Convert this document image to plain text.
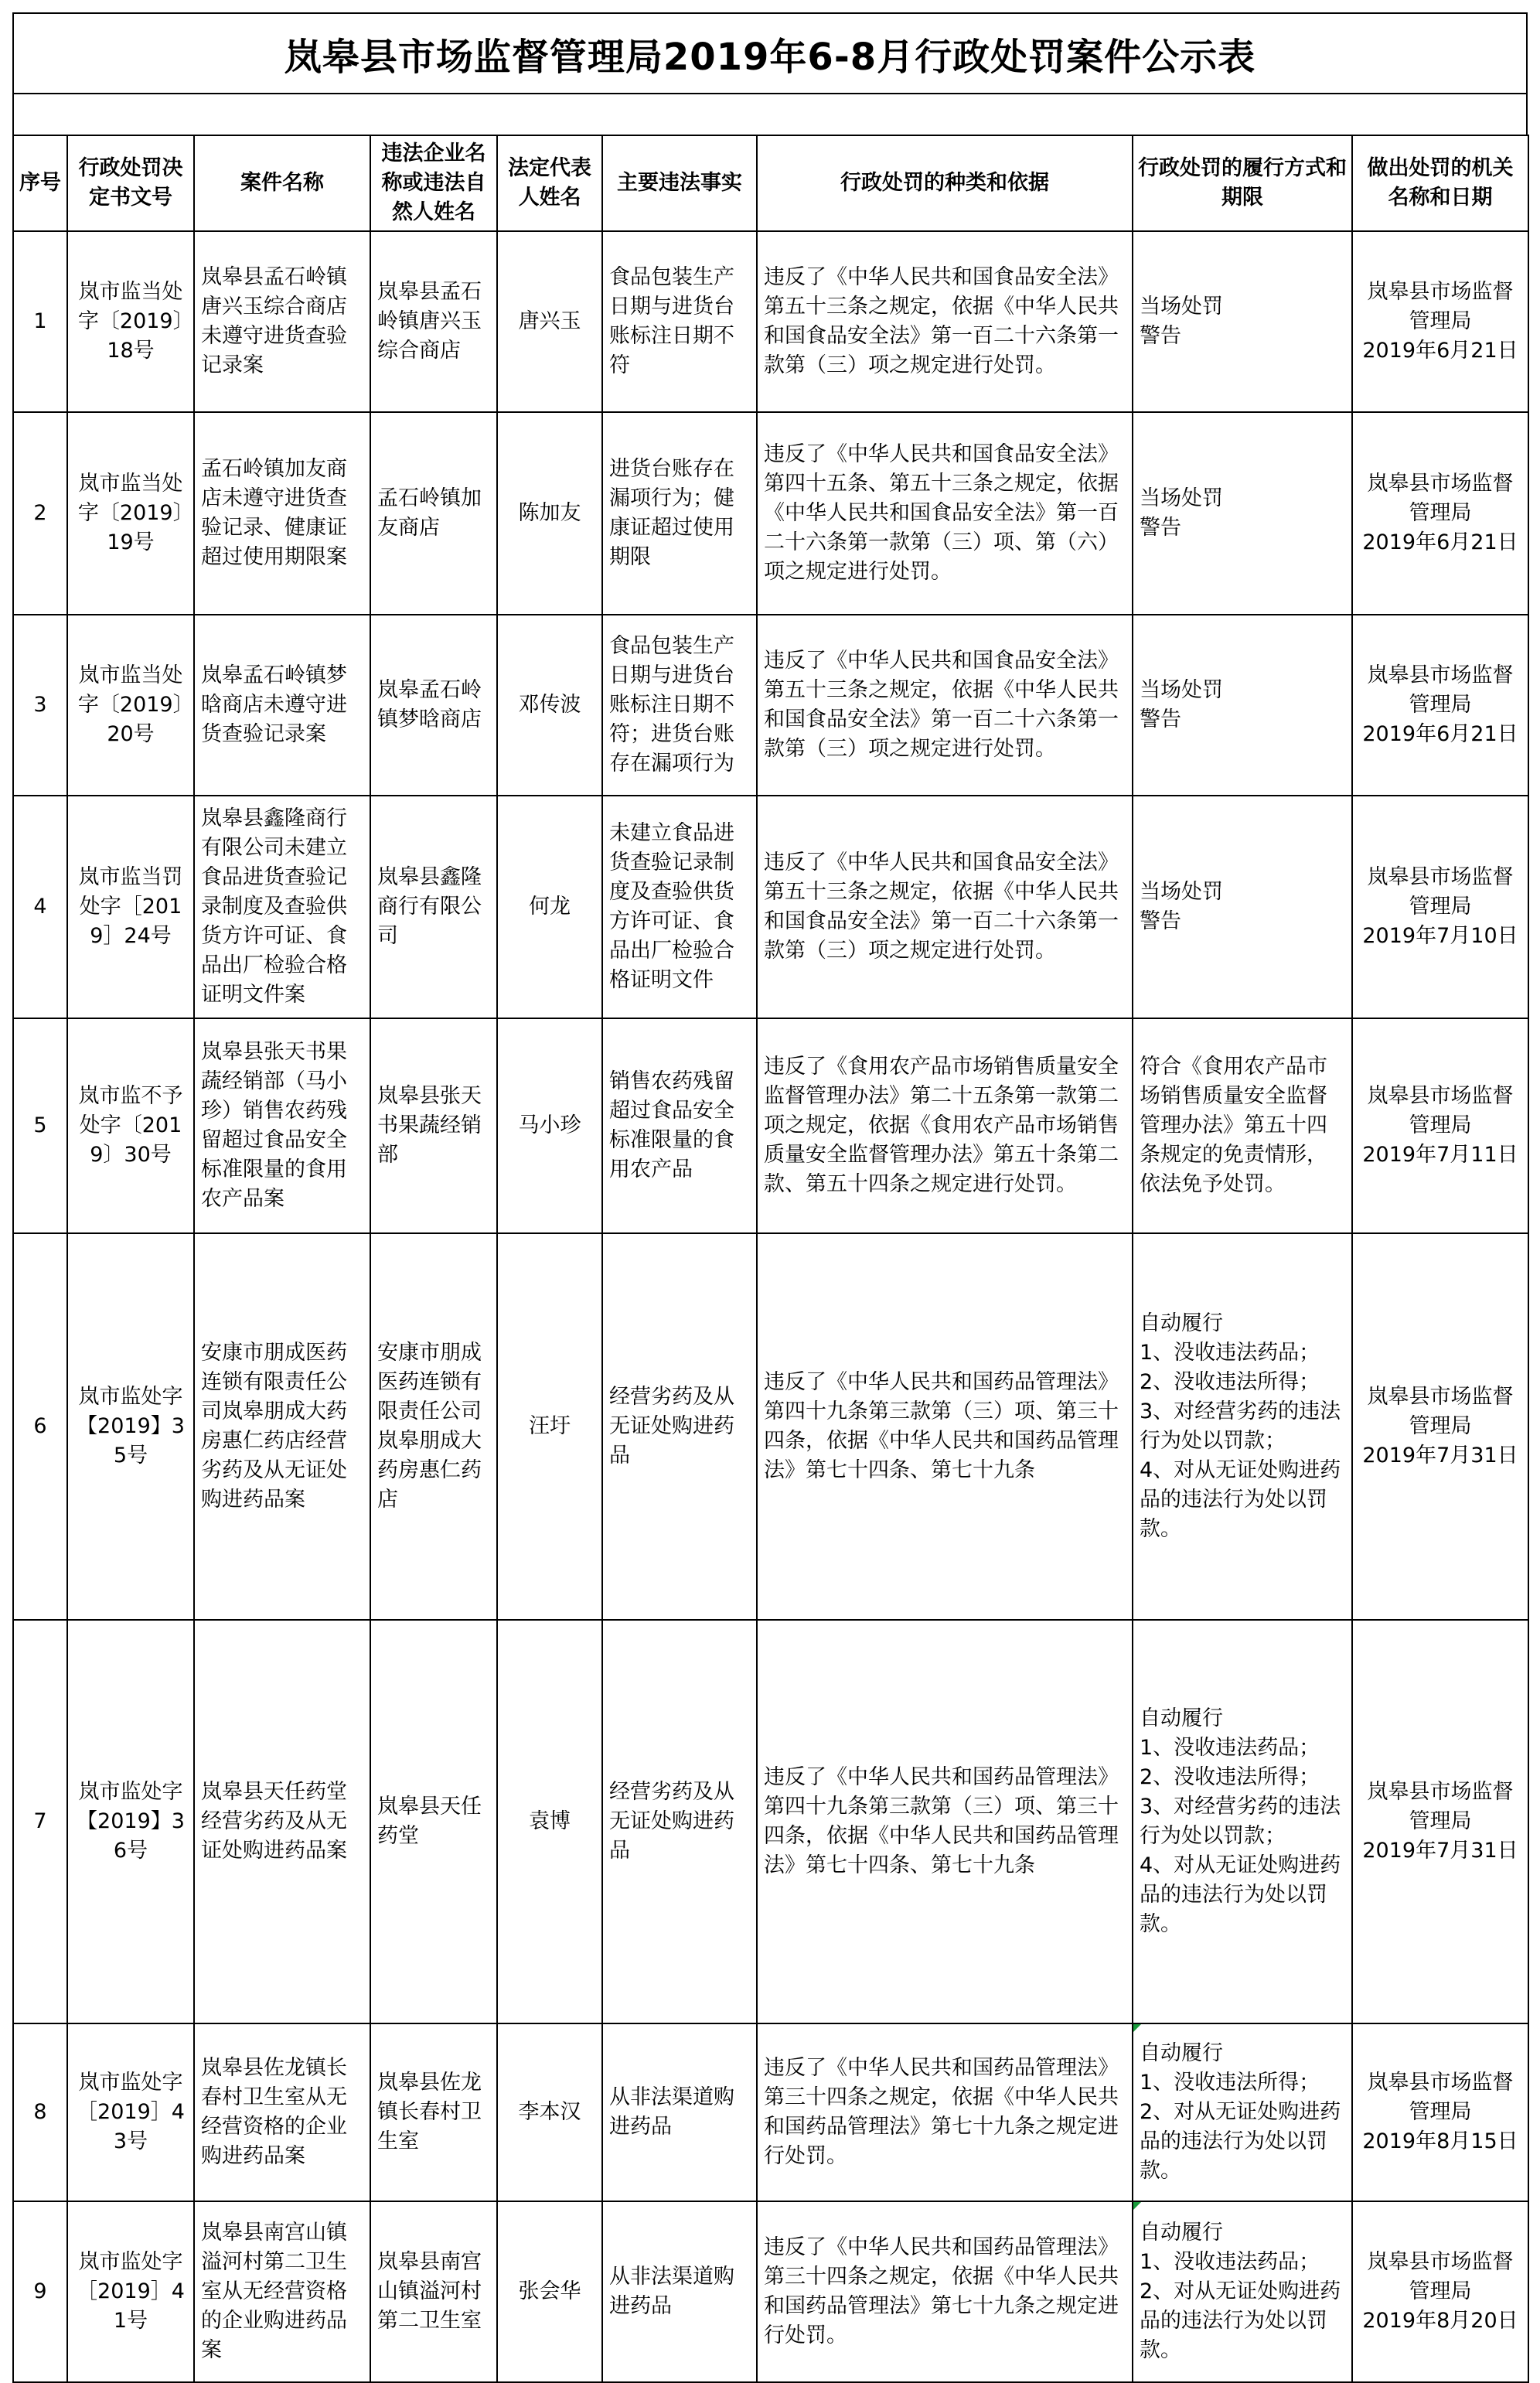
岚皋县市场监督管理局2019年6-8月行政处罚案件公示表
序号	行政处罚决定书文号	案件名称	违法企业名称或违法自然人姓名	法定代表人姓名	主要违法事实	行政处罚的种类和依据	行政处罚的履行方式和期限	做出处罚的机关名称和日期
1	岚市监当处字〔2019〕18号	岚皋县孟石岭镇唐兴玉综合商店未遵守进货查验记录案	岚皋县孟石岭镇唐兴玉综合商店	唐兴玉	食品包装生产日期与进货台账标注日期不符	违反了《中华人民共和国食品安全法》第五十三条之规定，依据《中华人民共和国食品安全法》第一百二十六条第一款第（三）项之规定进行处罚。	当场处罚
警告	岚皋县市场监督管理局
2019年6月21日
2	岚市监当处字〔2019〕19号	孟石岭镇加友商店未遵守进货查验记录、健康证超过使用期限案	孟石岭镇加友商店	陈加友	进货台账存在漏项行为；健康证超过使用期限	违反了《中华人民共和国食品安全法》第四十五条、第五十三条之规定，依据《中华人民共和国食品安全法》第一百二十六条第一款第（三）项、第（六）项之规定进行处罚。	当场处罚
警告	岚皋县市场监督管理局
2019年6月21日
3	岚市监当处字〔2019〕20号	岚皋孟石岭镇梦晗商店未遵守进货查验记录案	岚皋孟石岭镇梦晗商店	邓传波	食品包装生产日期与进货台账标注日期不符；进货台账存在漏项行为	违反了《中华人民共和国食品安全法》第五十三条之规定，依据《中华人民共和国食品安全法》第一百二十六条第一款第（三）项之规定进行处罚。	当场处罚
警告	岚皋县市场监督管理局
2019年6月21日
4	岚市监当罚处字［2019］24号	岚皋县鑫隆商行有限公司未建立食品进货查验记录制度及查验供货方许可证、食品出厂检验合格证明文件案	岚皋县鑫隆商行有限公司	何龙	未建立食品进货查验记录制度及查验供货方许可证、食品出厂检验合格证明文件	违反了《中华人民共和国食品安全法》第五十三条之规定，依据《中华人民共和国食品安全法》第一百二十六条第一款第（三）项之规定进行处罚。	当场处罚
警告	岚皋县市场监督管理局
2019年7月10日
5	岚市监不予处字〔2019〕30号	岚皋县张天书果蔬经销部（马小珍）销售农药残留超过食品安全标准限量的食用农产品案	岚皋县张天书果蔬经销部	马小珍	销售农药残留超过食品安全标准限量的食用农产品	违反了《食用农产品市场销售质量安全监督管理办法》第二十五条第一款第二项之规定，依据《食用农产品市场销售质量安全监督管理办法》第五十条第二款、第五十四条之规定进行处罚。	符合《食用农产品市场销售质量安全监督管理办法》第五十四条规定的免责情形，依法免予处罚。	岚皋县市场监督管理局
2019年7月11日
6	岚市监处字【2019】35号	安康市朋成医药连锁有限责任公司岚皋朋成大药房惠仁药店经营劣药及从无证处购进药品案	安康市朋成医药连锁有限责任公司岚皋朋成大药房惠仁药店	汪圩	经营劣药及从无证处购进药品	违反了《中华人民共和国药品管理法》第四十九条第三款第（三）项、第三十四条，依据《中华人民共和国药品管理法》第七十四条、第七十九条	自动履行
1、没收违法药品；
2、没收违法所得；
3、对经营劣药的违法行为处以罚款；
4、对从无证处购进药品的违法行为处以罚款。	岚皋县市场监督管理局
2019年7月31日
7	岚市监处字【2019】36号	岚皋县天任药堂经营劣药及从无证处购进药品案	岚皋县天任药堂	袁博	经营劣药及从无证处购进药品	违反了《中华人民共和国药品管理法》第四十九条第三款第（三）项、第三十四条，依据《中华人民共和国药品管理法》第七十四条、第七十九条	自动履行
1、没收违法药品；
2、没收违法所得；
3、对经营劣药的违法行为处以罚款；
4、对从无证处购进药品的违法行为处以罚款。	岚皋县市场监督管理局
2019年7月31日
8	岚市监处字［2019］43号	岚皋县佐龙镇长春村卫生室从无经营资格的企业购进药品案	岚皋县佐龙镇长春村卫生室	李本汉	从非法渠道购进药品	违反了《中华人民共和国药品管理法》第三十四条之规定，依据《中华人民共和国药品管理法》第七十九条之规定进行处罚。	自动履行
1、没收违法所得；
2、对从无证处购进药品的违法行为处以罚款。	岚皋县市场监督管理局
2019年8月15日
9	岚市监处字［2019］41号	岚皋县南宫山镇溢河村第二卫生室从无经营资格的企业购进药品案	岚皋县南宫山镇溢河村第二卫生室	张会华	从非法渠道购进药品	违反了《中华人民共和国药品管理法》第三十四条之规定，依据《中华人民共和国药品管理法》第七十九条之规定进行处罚。	自动履行
1、没收违法药品；
2、对从无证处购进药品的违法行为处以罚款。	岚皋县市场监督管理局
2019年8月20日
